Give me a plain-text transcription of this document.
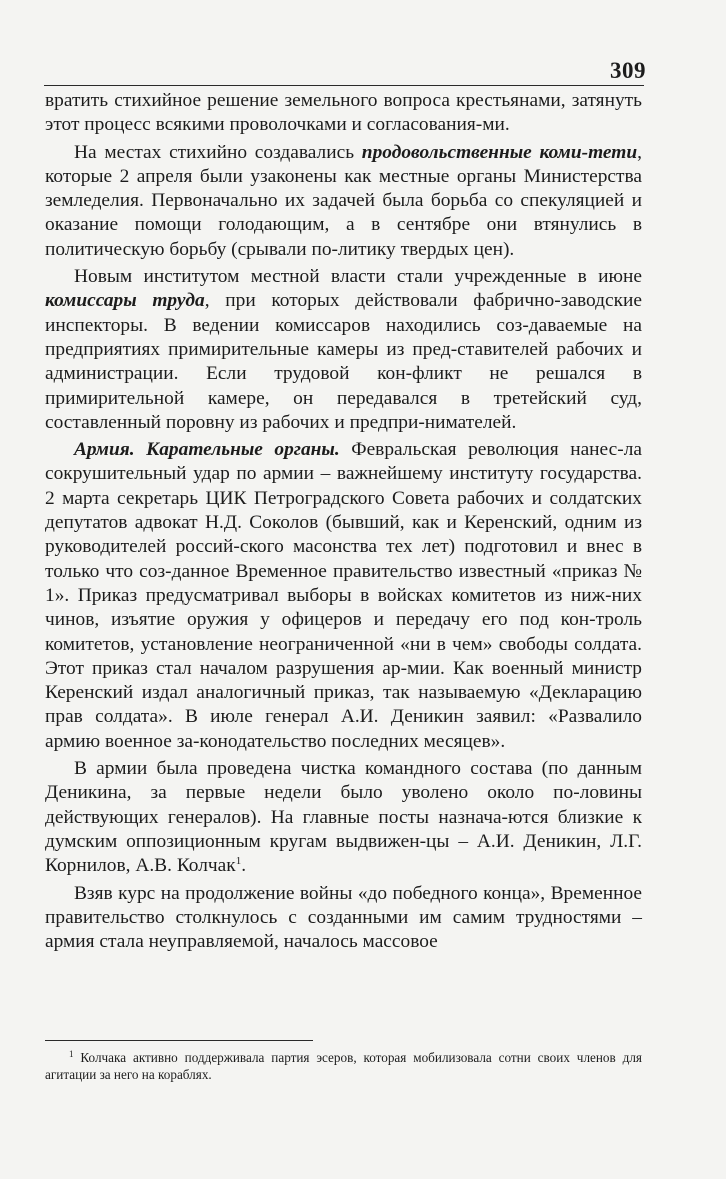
309

вратить стихийное решение земельного вопроса крестьянами, затянуть этот процесс всякими проволочками и согласования-ми.

На местах стихийно создавались продовольственные коми-тети, которые 2 апреля были узаконены как местные органы Министерства земледелия. Первоначально их задачей была борьба со спекуляцией и оказание помощи голодающим, а в сентябре они втянулись в политическую борьбу (срывали по-литику твердых цен).

Новым институтом местной власти стали учрежденные в июне комиссары труда, при которых действовали фабрично-заводские инспекторы. В ведении комиссаров находились соз-даваемые на предприятиях примирительные камеры из пред-ставителей рабочих и администрации. Если трудовой кон-фликт не решался в примирительной камере, он передавался в третейский суд, составленный поровну из рабочих и предпри-нимателей.

Армия. Карательные органы. Февральская революция нанес-ла сокрушительный удар по армии – важнейшему институту государства. 2 марта секретарь ЦИК Петроградского Совета рабочих и солдатских депутатов адвокат Н.Д. Соколов (бывший, как и Керенский, одним из руководителей россий-ского масонства тех лет) подготовил и внес в только что соз-данное Временное правительство известный «приказ № 1». Приказ предусматривал выборы в войсках комитетов из ниж-них чинов, изъятие оружия у офицеров и передачу его под кон-троль комитетов, установление неограниченной «ни в чем» свободы солдата. Этот приказ стал началом разрушения ар-мии. Как военный министр Керенский издал аналогичный приказ, так называемую «Декларацию прав солдата». В июле генерал А.И. Деникин заявил: «Развалило армию военное за-конодательство последних месяцев».

В армии была проведена чистка командного состава (по данным Деникина, за первые недели было уволено около по-ловины действующих генералов). На главные посты назнача-ются близкие к думским оппозиционным кругам выдвижен-цы – А.И. Деникин, Л.Г. Корнилов, А.В. Колчак$^1$.

Взяв курс на продолжение войны «до победного конца», Временное правительство столкнулось с созданными им самим трудностями – армия стала неуправляемой, началось массовое

$^1$ Колчака активно поддерживала партия эсеров, которая мобилизовала сотни своих членов для агитации за него на кораблях.
